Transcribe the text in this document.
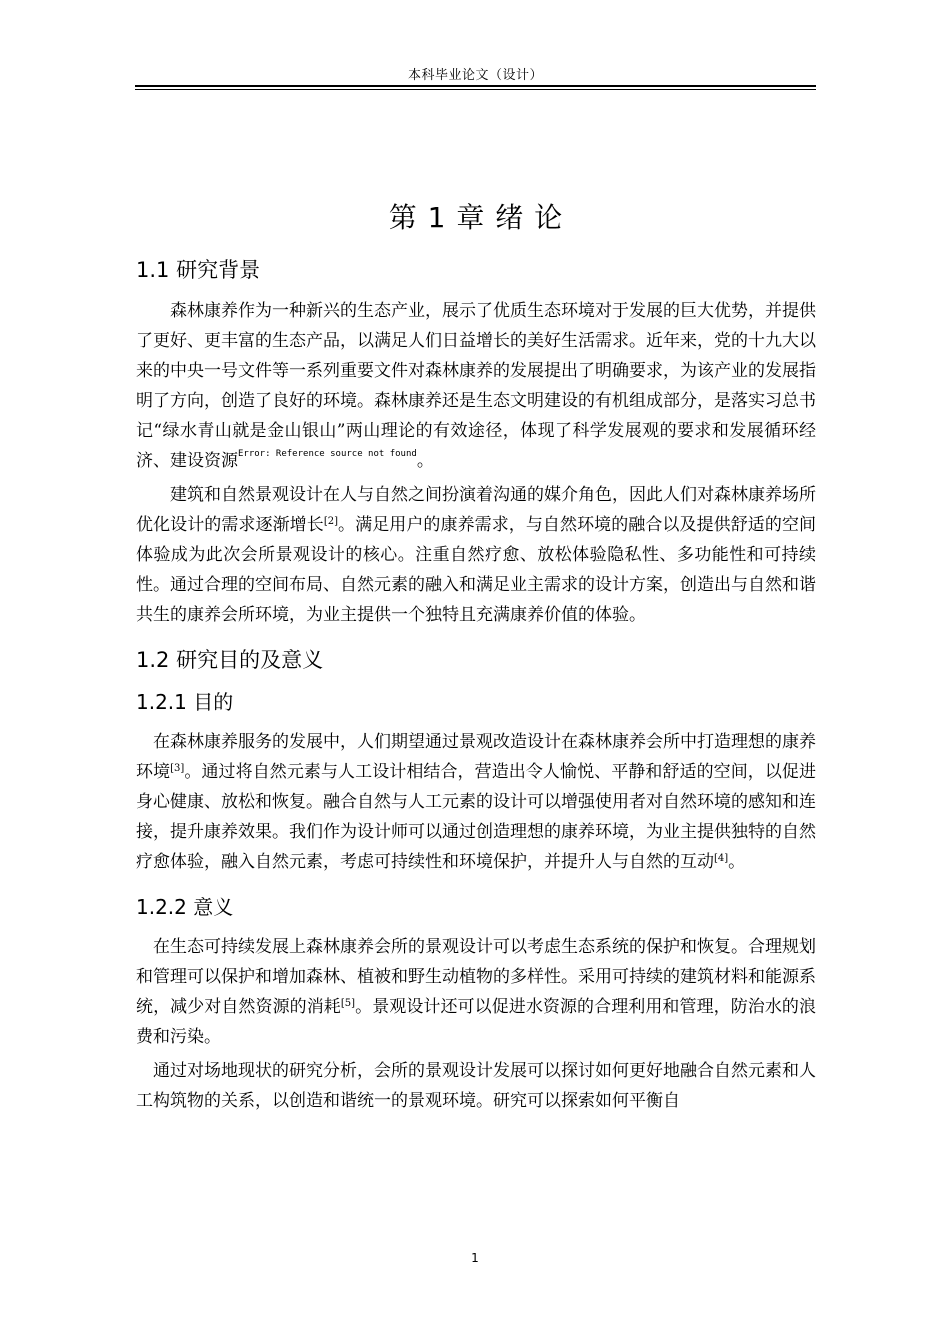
本科毕业论文（设计）
第 1 章 绪 论
1.1 研究背景

森林康养作为一种新兴的生态产业，展示了优质生态环境对于发展的巨大优势，并提供了更好、更丰富的生态产品，以满足人们日益增长的美好生活需求。近年来，党的十九大以来的中央一号文件等一系列重要文件对森林康养的发展提出了明确要求，为该产业的发展指明了方向，创造了良好的环境。森林康养还是生态文明建设的有机组成部分，是落实习总书记“绿水青山就是金山银山”两山理论的有效途径，体现了科学发展观的要求和发展循环经济、建设资源$^{Error: Reference source not found}$。

建筑和自然景观设计在人与自然之间扮演着沟通的媒介角色，因此人们对森林康养场所优化设计的需求逐渐增长[2]。满足用户的康养需求，与自然环境的融合以及提供舒适的空间体验成为此次会所景观设计的核心。注重自然疗愈、放松体验隐私性、多功能性和可持续性。通过合理的空间布局、自然元素的融入和满足业主需求的设计方案，创造出与自然和谐共生的康养会所环境，为业主提供一个独特且充满康养价值的体验。

1.2 研究目的及意义
1.2.1 目的

在森林康养服务的发展中，人们期望通过景观改造设计在森林康养会所中打造理想的康养环境[3]。通过将自然元素与人工设计相结合，营造出令人愉悦、平静和舒适的空间，以促进身心健康、放松和恢复。融合自然与人工元素的设计可以增强使用者对自然环境的感知和连接，提升康养效果。我们作为设计师可以通过创造理想的康养环境，为业主提供独特的自然疗愈体验，融入自然元素，考虑可持续性和环境保护，并提升人与自然的互动[4]。

1.2.2 意义

在生态可持续发展上森林康养会所的景观设计可以考虑生态系统的保护和恢复。合理规划和管理可以保护和增加森林、植被和野生动植物的多样性。采用可持续的建筑材料和能源系统，减少对自然资源的消耗[5]。景观设计还可以促进水资源的合理利用和管理，防治水的浪费和污染。

通过对场地现状的研究分析，会所的景观设计发展可以探讨如何更好地融合自然元素和人工构筑物的关系，以创造和谐统一的景观环境。研究可以探索如何平衡自

1
